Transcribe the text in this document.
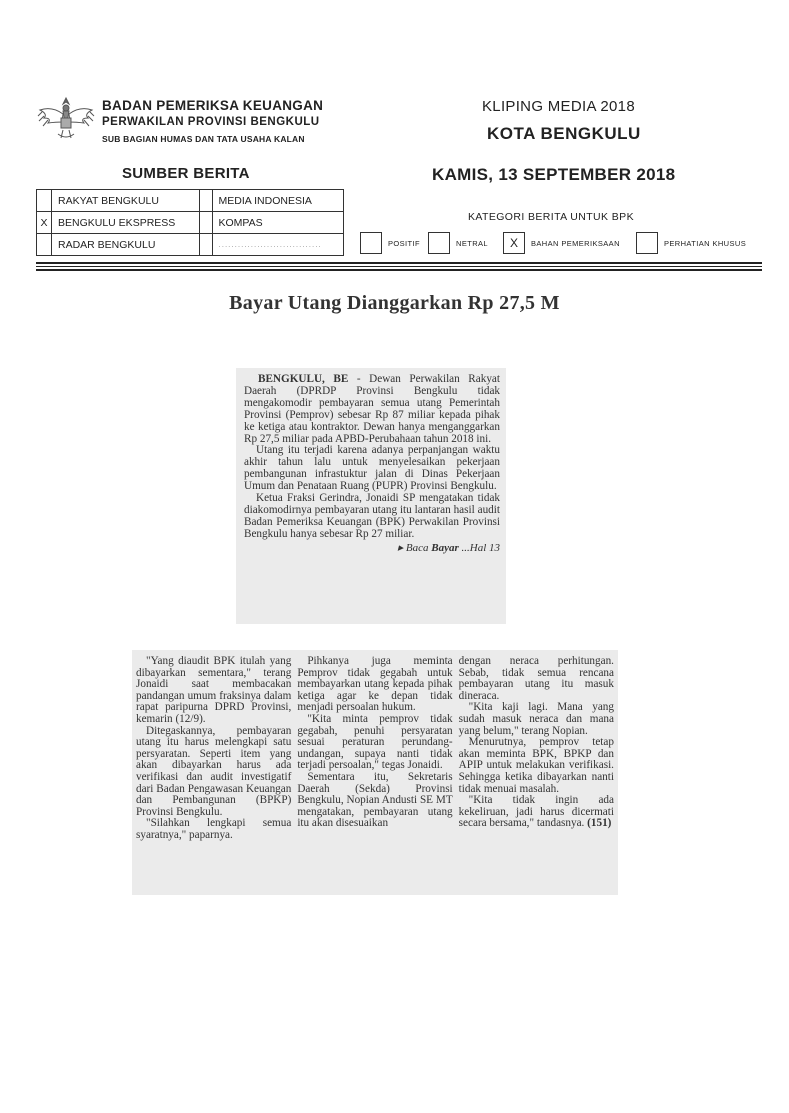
BADAN PEMERIKSA KEUANGAN
PERWAKILAN PROVINSI BENGKULU
SUB BAGIAN HUMAS DAN TATA USAHA KALAN
KLIPING MEDIA 2018
KOTA BENGKULU
SUMBER BERITA	KAMIS, 13 SEPTEMBER 2018
	RAKYAT BENGKULU		MEDIA INDONESIA
X	BENGKULU EKSPRESS		KOMPAS
	RADAR BENGKULU		................................
KATEGORI BERITA UNTUK BPK
POSITIF	NETRAL	X	BAHAN PEMERIKSAAN	PERHATIAN KHUSUS
Bayar Utang Dianggarkan Rp 27,5 M

BENGKULU, BE - Dewan Perwakilan Rakyat Daerah (DPRDP Provinsi Bengkulu tidak mengakomodir pembayaran semua utang Pemerintah Provinsi (Pemprov) sebesar Rp 87 miliar kepada pihak ke ketiga atau kontraktor. Dewan hanya menganggarkan Rp 27,5 miliar pada APBD-Perubahaan tahun 2018 ini.

Utang itu terjadi karena adanya perpanjangan waktu akhir tahun lalu untuk menyelesaikan pekerjaan pembangunan infrastuktur jalan di Dinas Pekerjaan Umum dan Penataan Ruang (PUPR) Provinsi Bengkulu.

Ketua Fraksi Gerindra, Jonaidi SP mengatakan tidak diakomodirnya pembayaran utang itu lantaran hasil audit Badan Pemeriksa Keuangan (BPK) Perwakilan Provinsi Bengkulu hanya sebesar Rp 27 miliar.

▸ Baca Bayar ...Hal 13

"Yang diaudit BPK itulah yang dibayarkan sementara," terang Jonaidi saat membacakan pandangan umum fraksinya dalam rapat paripurna DPRD Provinsi, kemarin (12/9).

Ditegaskannya, pembayaran utang itu harus melengkapi satu persyaratan. Seperti item yang akan dibayarkan harus ada verifikasi dan audit investigatif dari Badan Pengawasan Keuangan dan Pembangunan (BPKP) Provinsi Bengkulu.

"Silahkan lengkapi semua syaratnya," paparnya.

Pihkanya juga meminta Pemprov tidak gegabah untuk membayarkan utang kepada pihak ketiga agar ke depan tidak menjadi persoalan hukum.

"Kita minta pemprov tidak gegabah, penuhi persyaratan sesuai peraturan perundang-undangan, supaya nanti tidak terjadi persoalan," tegas Jonaidi.

Sementara itu, Sekretaris Daerah (Sekda) Provinsi Bengkulu, Nopian Andusti SE MT mengatakan, pembayaran utang itu akan disesuaikan

dengan neraca perhitungan. Sebab, tidak semua rencana pembayaran utang itu masuk dineraca.

"Kita kaji lagi. Mana yang sudah masuk neraca dan mana yang belum," terang Nopian.

Menurutnya, pemprov tetap akan meminta BPK, BPKP dan APIP untuk melakukan verifikasi. Sehingga ketika dibayarkan nanti tidak menuai masalah.

"Kita tidak ingin ada kekeliruan, jadi harus dicermati secara bersama," tandasnya. (151)
